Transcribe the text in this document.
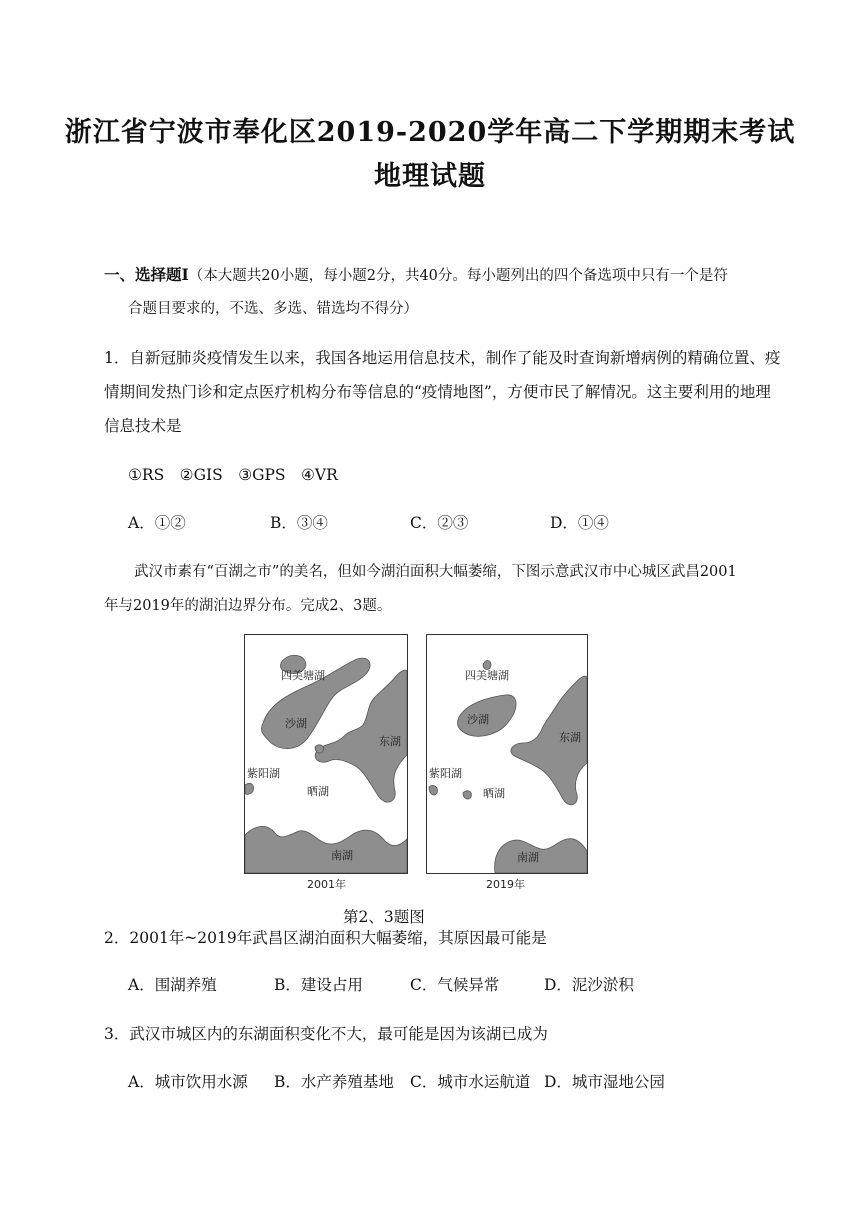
浙江省宁波市奉化区2019-2020学年高二下学期期末考试
地理试题
一、选择题Ⅰ（本大题共20小题，每小题2分，共40分。每小题列出的四个备选项中只有一个是符
合题目要求的，不选、多选、错选均不得分）
1．自新冠肺炎疫情发生以来，我国各地运用信息技术，制作了能及时查询新增病例的精确位置、疫
情期间发热门诊和定点医疗机构分布等信息的“疫情地图”，方便市民了解情况。这主要利用的地理
信息技术是
①RS　②GIS　③GPS　④VR
A．①②	B．③④	C．②③	D．①④
武汉市素有“百湖之市”的美名，但如今湖泊面积大幅萎缩，下图示意武汉市中心城区武昌2001
年与2019年的湖泊边界分布。完成2、3题。
四美塘湖
沙湖
东湖
紫阳湖
晒湖
南湖
2001年
四美塘湖
沙湖
东湖
紫阳湖
晒湖
南湖
2019年
第2、3题图
2．2001年~2019年武昌区湖泊面积大幅萎缩，其原因最可能是
A．围湖养殖	B．建设占用	C．气候异常	D．泥沙淤积
3．武汉市城区内的东湖面积变化不大，最可能是因为该湖已成为
A．城市饮用水源 B．水产养殖基地 C．城市水运航道 D．城市湿地公园
